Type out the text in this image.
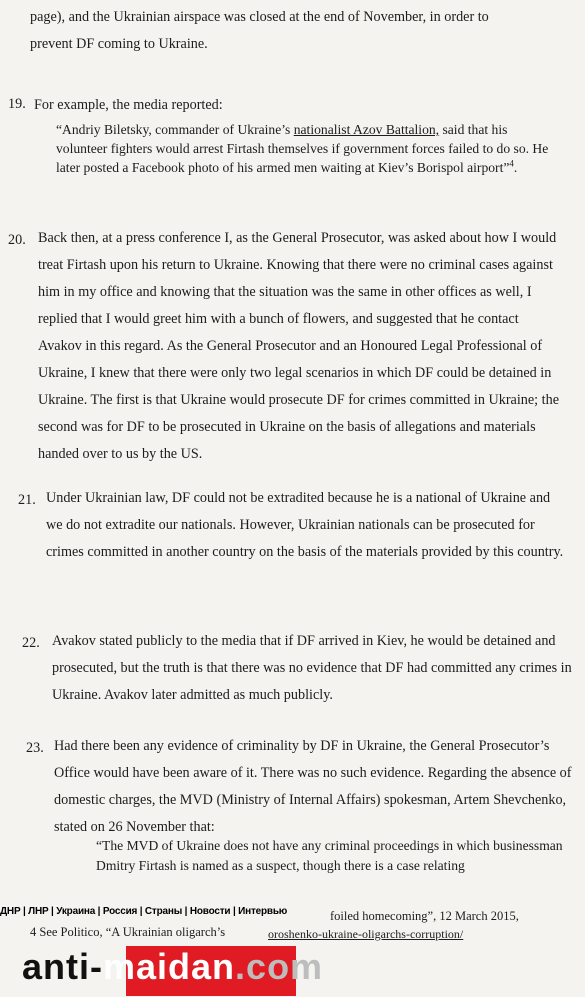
page), and the Ukrainian airspace was closed at the end of November, in order to
prevent DF coming to Ukraine.
19. For example, the media reported:

“Andriy Biletsky, commander of Ukraine’s nationalist Azov Battalion, said that his volunteer fighters would arrest Firtash themselves if government forces failed to do so. He later posted a Facebook photo of his armed men waiting at Kiev’s Borispol airport”$^4$.

20. Back then, at a press conference I, as the General Prosecutor, was asked about how I would treat Firtash upon his return to Ukraine. Knowing that there were no criminal cases against him in my office and knowing that the situation was the same in other offices as well, I replied that I would greet him with a bunch of flowers, and suggested that he contact Avakov in this regard. As the General Prosecutor and an Honoured Legal Professional of Ukraine, I knew that there were only two legal scenarios in which DF could be detained in Ukraine. The first is that Ukraine would prosecute DF for crimes committed in Ukraine; the second was for DF to be prosecuted in Ukraine on the basis of allegations and materials handed over to us by the US.

21. Under Ukrainian law, DF could not be extradited because he is a national of Ukraine and we do not extradite our nationals. However, Ukrainian nationals can be prosecuted for crimes committed in another country on the basis of the materials provided by this country.

22. Avakov stated publicly to the media that if DF arrived in Kiev, he would be detained and prosecuted, but the truth is that there was no evidence that DF had committed any crimes in Ukraine. Avakov later admitted as much publicly.

23. Had there been any evidence of criminality by DF in Ukraine, the General Prosecutor’s Office would have been aware of it. There was no such evidence. Regarding the absence of domestic charges, the MVD (Ministry of Internal Affairs) spokesman, Artem Shevchenko, stated on 26 November that:

“The MVD of Ukraine does not have any criminal proceedings in which businessman Dmitry Firtash is named as a suspect, though there is a case relating

4 See Politico, “A Ukrainian oligarch’s
foiled homecoming”, 12 March 2015,
oroshenko-ukraine-oligarchs-corruption/
ДНР | ЛНР | Украина | Россия | Страны | Новости | Интервью
anti-maidan.com
